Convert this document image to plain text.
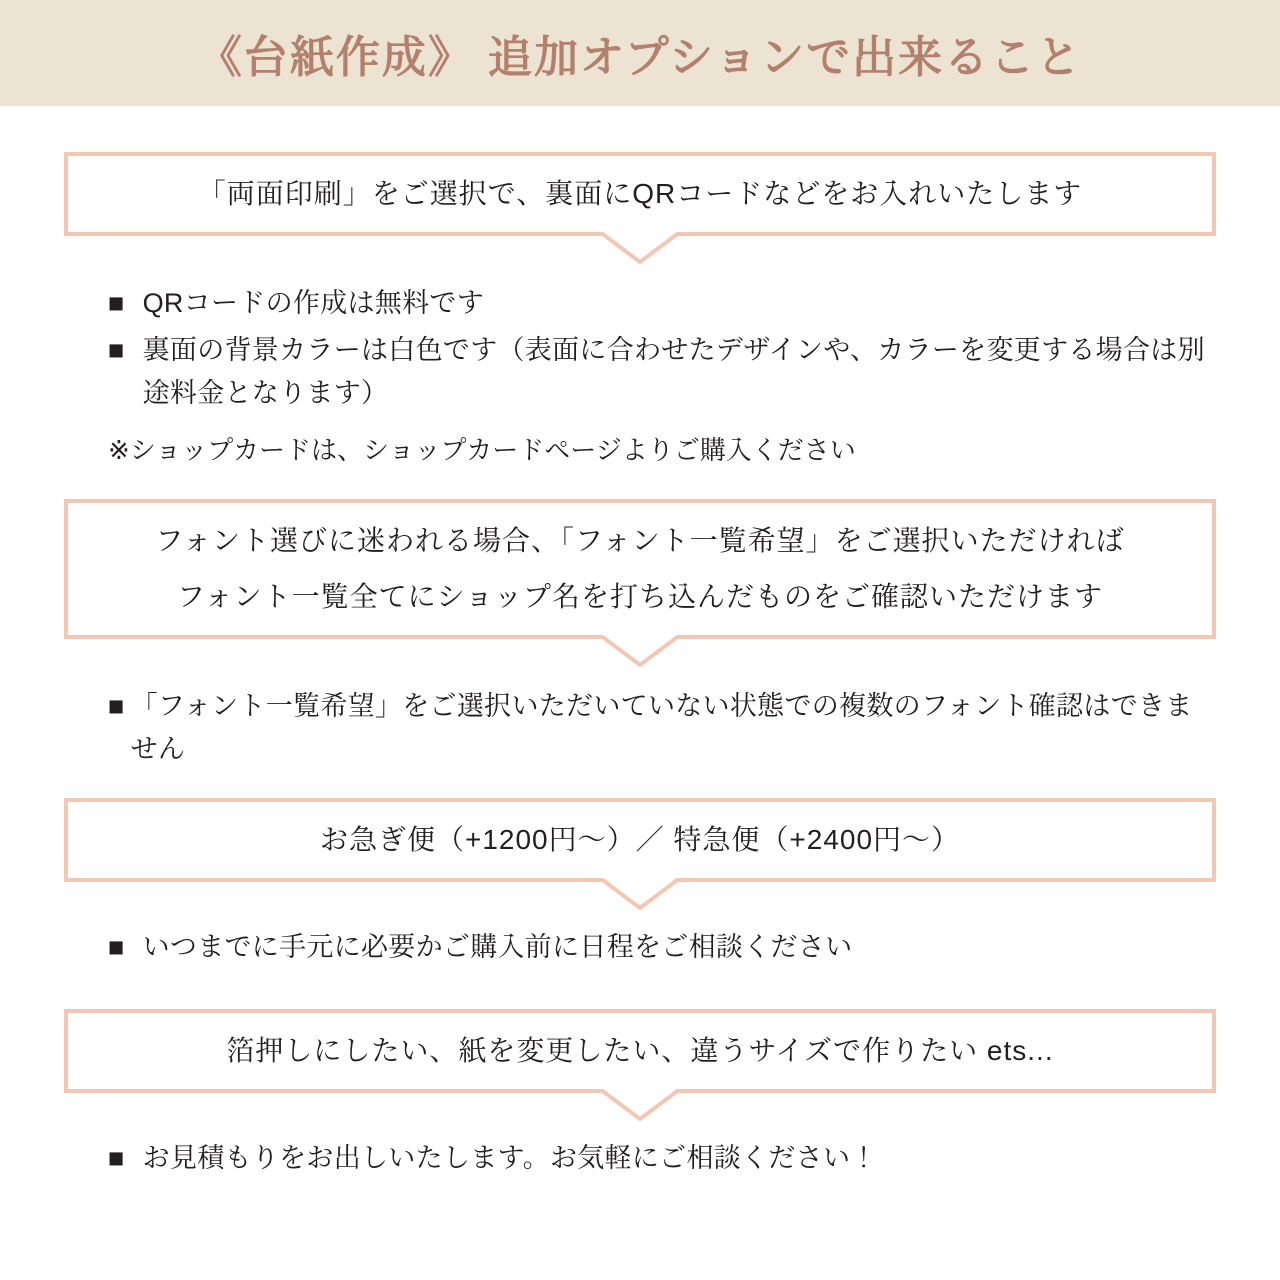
《台紙作成》 追加オプションで出来ること

「両面印刷」をご選択で、裏面にQRコードなどをお入れいたします

■ QRコードの作成は無料です
■ 裏面の背景カラーは白色です（表面に合わせたデザインや、カラーを変更する場合は別途料金となります）

※ショップカードは、ショップカードページよりご購入ください

フォント選びに迷われる場合、「フォント一覧希望」をご選択いただければ

フォント一覧全てにショップ名を打ち込んだものをご確認いただけます

■ 「フォント一覧希望」をご選択いただいていない状態での複数のフォント確認はできません

お急ぎ便（+1200円〜）／ 特急便（+2400円〜）

■ いつまでに手元に必要かご購入前に日程をご相談ください

箔押しにしたい、紙を変更したい、違うサイズで作りたい ets...

■ お見積もりをお出しいたします。お気軽にご相談ください！
